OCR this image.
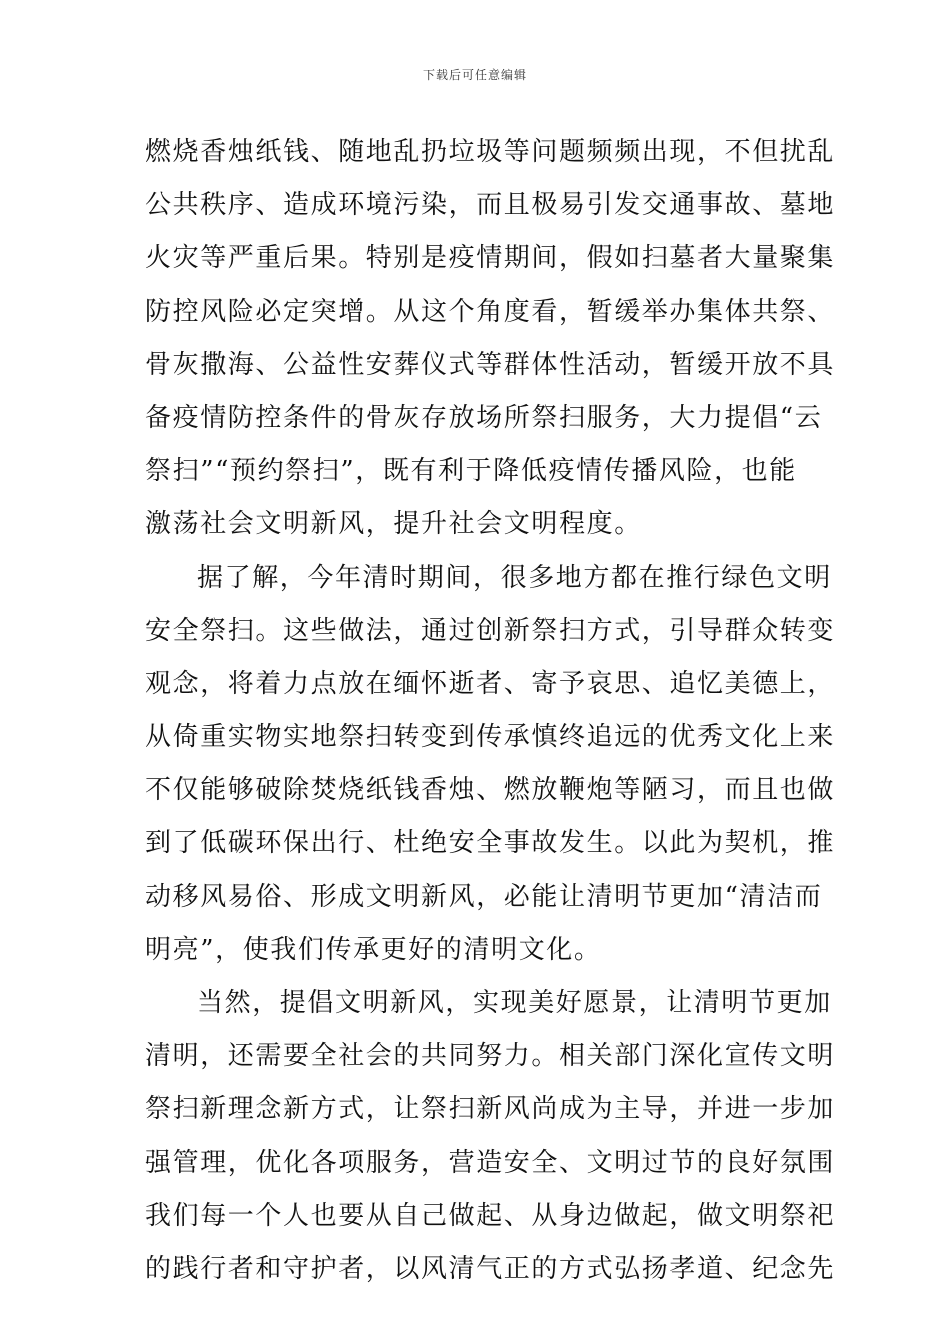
下载后可任意编辑
燃烧香烛纸钱、随地乱扔垃圾等问题频频出现，不但扰乱
公共秩序、造成环境污染，而且极易引发交通事故、墓地
火灾等严重后果。特别是疫情期间，假如扫墓者大量聚集
防控风险必定突增。从这个角度看，暂缓举办集体共祭、
骨灰撒海、公益性安葬仪式等群体性活动，暂缓开放不具
备疫情防控条件的骨灰存放场所祭扫服务，大力提倡“云
祭扫”“预约祭扫”，既有利于降低疫情传播风险，也能
激荡社会文明新风，提升社会文明程度。
据了解，今年清时期间，很多地方都在推行绿色文明
安全祭扫。这些做法，通过创新祭扫方式，引导群众转变
观念，将着力点放在缅怀逝者、寄予哀思、追忆美德上，
从倚重实物实地祭扫转变到传承慎终追远的优秀文化上来
不仅能够破除焚烧纸钱香烛、燃放鞭炮等陋习，而且也做
到了低碳环保出行、杜绝安全事故发生。以此为契机，推
动移风易俗、形成文明新风，必能让清明节更加“清洁而
明亮”，使我们传承更好的清明文化。
当然，提倡文明新风，实现美好愿景，让清明节更加
清明，还需要全社会的共同努力。相关部门深化宣传文明
祭扫新理念新方式，让祭扫新风尚成为主导，并进一步加
强管理，优化各项服务，营造安全、文明过节的良好氛围
我们每一个人也要从自己做起、从身边做起，做文明祭祀
的践行者和守护者，以风清气正的方式弘扬孝道、纪念先
